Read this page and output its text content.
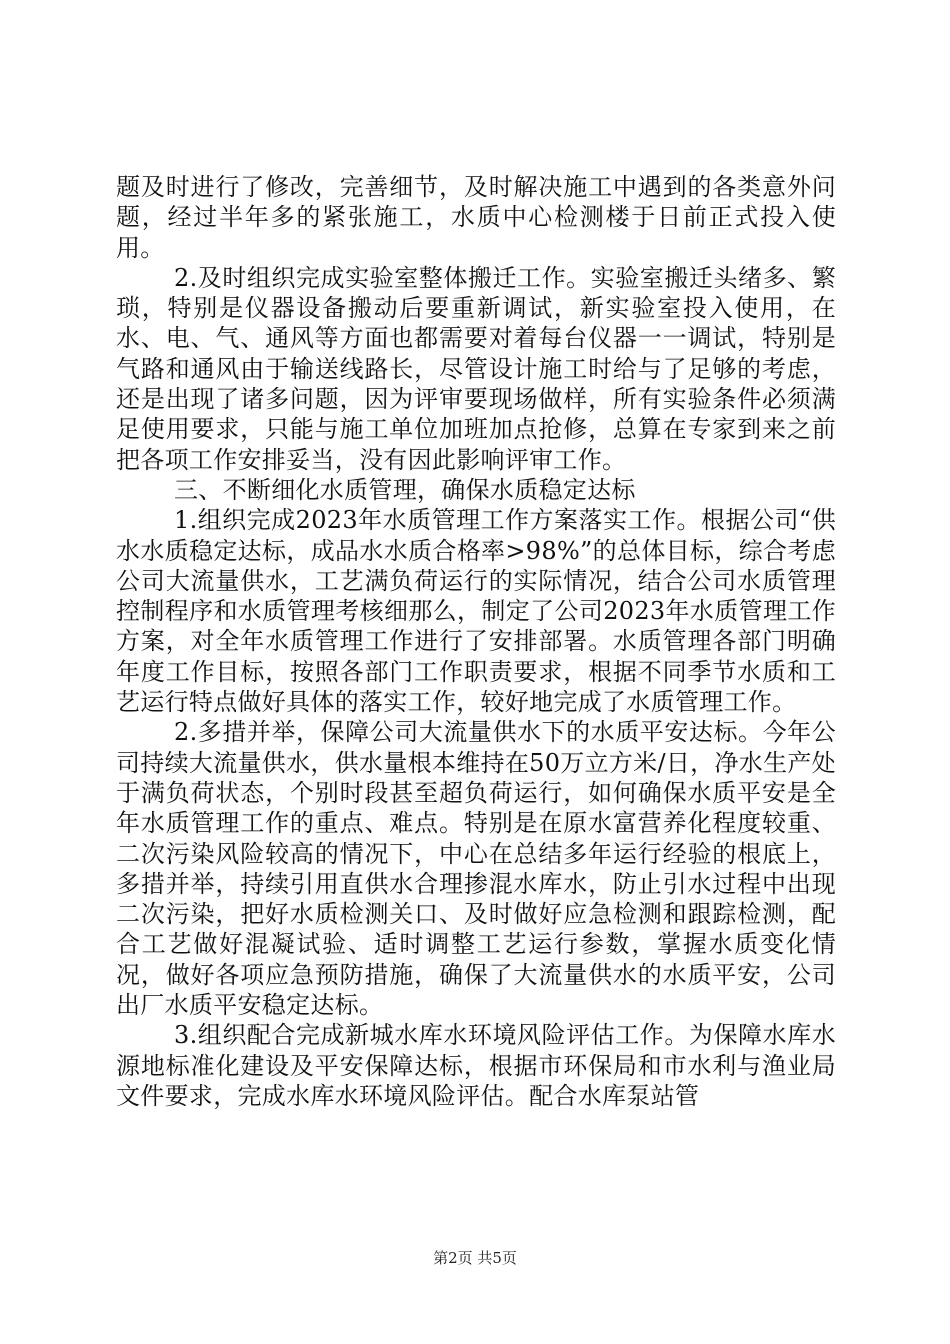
题及时进行了修改，完善细节，及时解决施工中遇到的各类意外问题，经过半年多的紧张施工，水质中心检测楼于日前正式投入使用。

2.及时组织完成实验室整体搬迁工作。实验室搬迁头绪多、繁琐，特别是仪器设备搬动后要重新调试，新实验室投入使用，在水、电、气、通风等方面也都需要对着每台仪器一一调试，特别是气路和通风由于输送线路长，尽管设计施工时给与了足够的考虑，还是出现了诸多问题，因为评审要现场做样，所有实验条件必须满足使用要求，只能与施工单位加班加点抢修，总算在专家到来之前把各项工作安排妥当，没有因此影响评审工作。

三、不断细化水质管理，确保水质稳定达标

1.组织完成2023年水质管理工作方案落实工作。根据公司“供水水质稳定达标，成品水水质合格率>98%”的总体目标，综合考虑公司大流量供水，工艺满负荷运行的实际情况，结合公司水质管理控制程序和水质管理考核细那么，制定了公司2023年水质管理工作方案，对全年水质管理工作进行了安排部署。水质管理各部门明确年度工作目标，按照各部门工作职责要求，根据不同季节水质和工艺运行特点做好具体的落实工作，较好地完成了水质管理工作。

2.多措并举，保障公司大流量供水下的水质平安达标。今年公司持续大流量供水，供水量根本维持在50万立方米/日，净水生产处于满负荷状态，个别时段甚至超负荷运行，如何确保水质平安是全年水质管理工作的重点、难点。特别是在原水富营养化程度较重、二次污染风险较高的情况下，中心在总结多年运行经验的根底上，多措并举，持续引用直供水合理掺混水库水，防止引水过程中出现二次污染，把好水质检测关口、及时做好应急检测和跟踪检测，配合工艺做好混凝试验、适时调整工艺运行参数，掌握水质变化情况，做好各项应急预防措施，确保了大流量供水的水质平安，公司出厂水质平安稳定达标。

3.组织配合完成新城水库水环境风险评估工作。为保障水库水源地标准化建设及平安保障达标，根据市环保局和市水利与渔业局文件要求，完成水库水环境风险评估。配合水库泵站管

第2页 共5页
